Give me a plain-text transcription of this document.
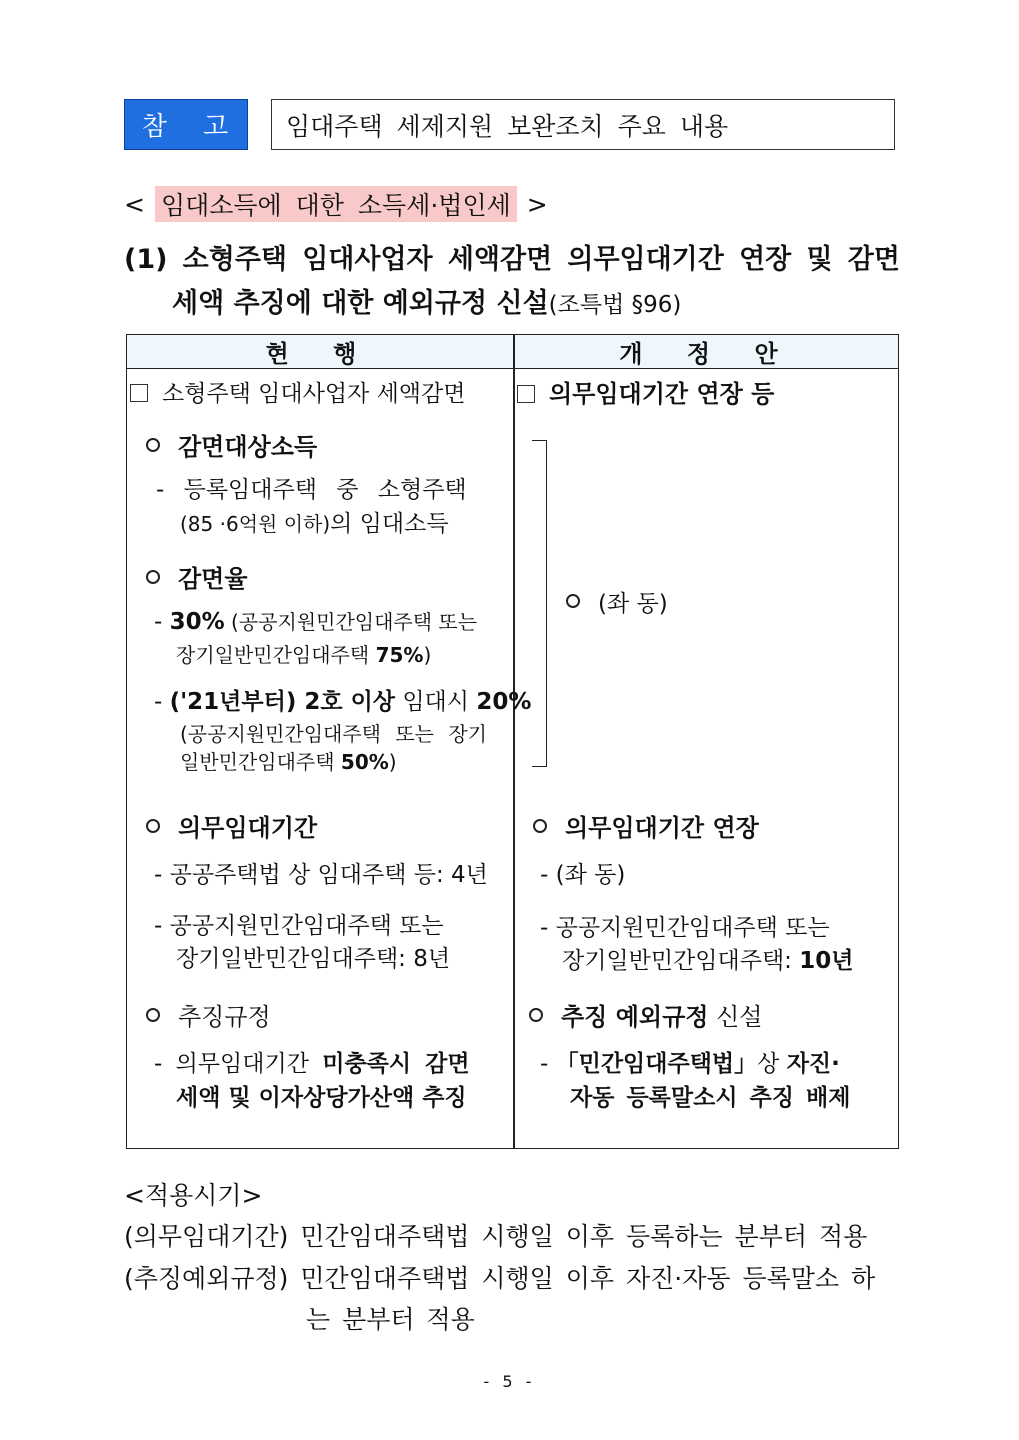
참 고 임대주택 세제지원 보완조치 주요 내용
< 임대소득에 대한 소득세·법인세 >
(1) 소형주택 임대사업자 세액감면 의무임대기간 연장 및 감면
세액 추징에 대한 예외규정 신설(조특법 §96)
현 행	개 정 안
소형주택 임대사업자 세액감면
감면대상소득
- 등록임대주택 중 소형주택
(85 ·6억원 이하)의 임대소득
감면율
- 30% (공공지원민간임대주택 또는
장기일반민간임대주택 75%)
- ('21년부터) 2호 이상 임대시 20%
(공공지원민간임대주택 또는 장기
일반민간임대주택 50%)
의무임대기간
- 공공주택법 상 임대주택 등: 4년
- 공공지원민간임대주택 또는
장기일반민간임대주택: 8년
추징규정
- 의무임대기간 미충족시 감면
세액 및 이자상당가산액 추징
의무임대기간 연장 등
(좌 동)
의무임대기간 연장
- (좌 동)
- 공공지원민간임대주택 또는
장기일반민간임대주택: 10년
추징 예외규정 신설
- 「민간임대주택법」상 자진·
자동 등록말소시 추징 배제
<적용시기>
(의무임대기간) 민간임대주택법 시행일 이후 등록하는 분부터 적용
(추징예외규정) 민간임대주택법 시행일 이후 자진·자동 등록말소 하
는 분부터 적용
- 5 -
